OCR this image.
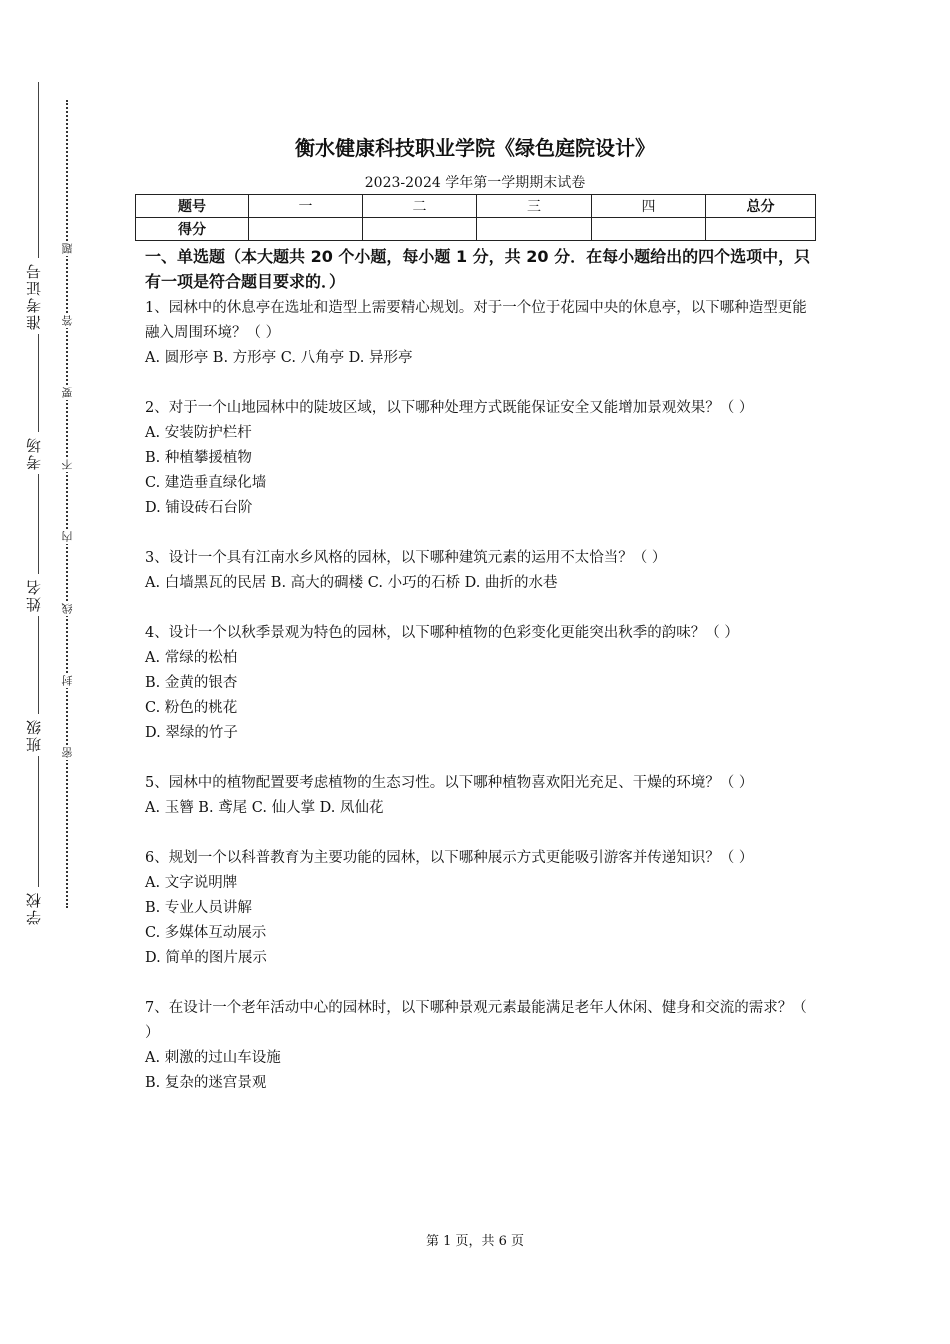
准考证号
考场
姓名
班级
学校
题
答
要
不
内
线
封
密
衡水健康科技职业学院《绿色庭院设计》
2023-2024 学年第一学期期末试卷
题号	一	二	三	四	总分
得分					
一、单选题（本大题共 20 个小题，每小题 1 分，共 20 分．在每小题给出的四个选项中，只有一项是符合题目要求的．）
1、园林中的休息亭在选址和造型上需要精心规划。对于一个位于花园中央的休息亭，以下哪种造型更能融入周围环境？（ ）
A. 圆形亭 B. 方形亭 C. 八角亭 D. 异形亭
2、对于一个山地园林中的陡坡区域，以下哪种处理方式既能保证安全又能增加景观效果？（ ）
A. 安装防护栏杆
B. 种植攀援植物
C. 建造垂直绿化墙
D. 铺设砖石台阶
3、设计一个具有江南水乡风格的园林，以下哪种建筑元素的运用不太恰当？（ ）
A. 白墙黑瓦的民居 B. 高大的碉楼 C. 小巧的石桥 D. 曲折的水巷
4、设计一个以秋季景观为特色的园林，以下哪种植物的色彩变化更能突出秋季的韵味？（ ）
A. 常绿的松柏
B. 金黄的银杏
C. 粉色的桃花
D. 翠绿的竹子
5、园林中的植物配置要考虑植物的生态习性。以下哪种植物喜欢阳光充足、干燥的环境？（ ）
A. 玉簪 B. 鸢尾 C. 仙人掌 D. 凤仙花
6、规划一个以科普教育为主要功能的园林，以下哪种展示方式更能吸引游客并传递知识？（ ）
A. 文字说明牌
B. 专业人员讲解
C. 多媒体互动展示
D. 简单的图片展示
7、在设计一个老年活动中心的园林时，以下哪种景观元素最能满足老年人休闲、健身和交流的需求？（ ）
A. 刺激的过山车设施
B. 复杂的迷宫景观
第 1 页，共 6 页
